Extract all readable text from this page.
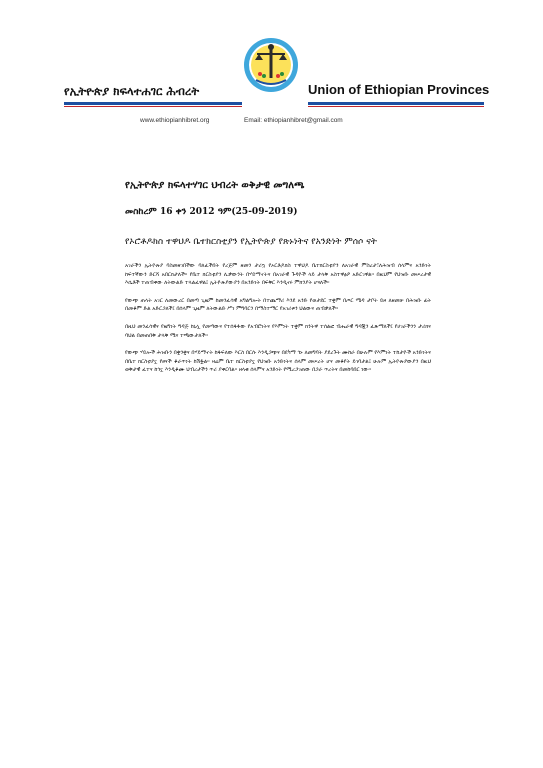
የኢትዮጵያ ክፍላተሐገር ሕብረት	Union of Ethiopian Provinces
www.ethiopianhibret.org	Email: ethiopianhibret@gmail.com
የኢትዮጵያ ክፍላተሃገር ህብረት ወቅታዊ መግለጫ
መስከረም 16 ቀን 2012 ዓም(25-09-2019)
የኦሮቶዶክስ ተዋህዶ ቤተክርስቲያን የኢትዮጵያ የጽኑነትና የአንድነት ምሰሶ ናት

አገራችን ኢትዮጵያ ባስመዘገበችው ባለፈችበት የረጅም ዘመን ታሪኳ የኦርቶዶክስ ተዋህዶ ቤተክርስቲያን ለአገራዊ ምስረታ፣ለሕዝብ ሰላምና አንድነት ከፍተኛውን ድርሻ አበርክታለች፡፡ የቤተ ክርስቲያን ሊቃውንት በሃይማኖትና በአገራዊ ጉዳዮች ላይ ታላቅ አስተዋፅዖ አድርገዋል፡፡ በዚህም የህዝቡ መሠረታዊ እሴቶች ተጠብቀው ለትውልድ ተላልፈዋል፤ ኢትዮጵያውያን በአንድነት በፍቅር እንዲኖሩ ምክንያት ሆናለች፡፡

የውጭ ጠላት አገር ለመውረር በመጣ ጊዜም ከመንፈሳዊ አግልግሎት በተጨማሪ እንደ አንድ የወታደር ተቋም በጦር ሜዳ ታቦት ይዞ ለዘመቻ በሕዝቡ ፊት በመቆም ድል አድርጋለች፤ በሰላም ጊዜም ለትውልድ ሥነ ምግባርን በማስተማር የአገሪቱን ህልውና ጠብቃለች፡፡

በዚህ መንፈሳዊና የዜግነት ግዳጅ ከኒሏ የመጣውና የተሰፋፋው የአብሮነትና የእምነት ተቋም ክንትዋ ተሰልፎ ብሔራዊ ግዳጇን ፈጽማለች፤ የሀገራችንን ታሪክና ባህል በመጠበቅ ታላቅ ሚና ተጫውታለች፡፡

የውጭ ሃይሎች ሕዝቡን በቋንቋና በሃይማኖት ከፋፍለው እርስ በርሱ እንዲጋጭና በደካማ ጎኑ ለመግባት ያደረጉት ሙከራ በሁሉም የእምነት ተከታዮች አንድነትና በቤተ ክርስቲያኗ የፀናች ቆራጥነት ከሽፏል፡፡ ዛሬም ቤተ ክርስቲያኗ የህዝቡ አንድነትና ሰላም መሠረት ሆና መቆየት ይገባታል፤ ሁሉም ኢትዮጵያውያን በዚህ ወቅታዊ ፈተና ከጎኗ እንዲቆሙ ህብረታችን ጥሪ ያቀርባል፡፡ ዘላቂ ሰላምና አንድነት የሚረጋገጠው በጋራ ጥረትና በመከባበር ነው፡፡
